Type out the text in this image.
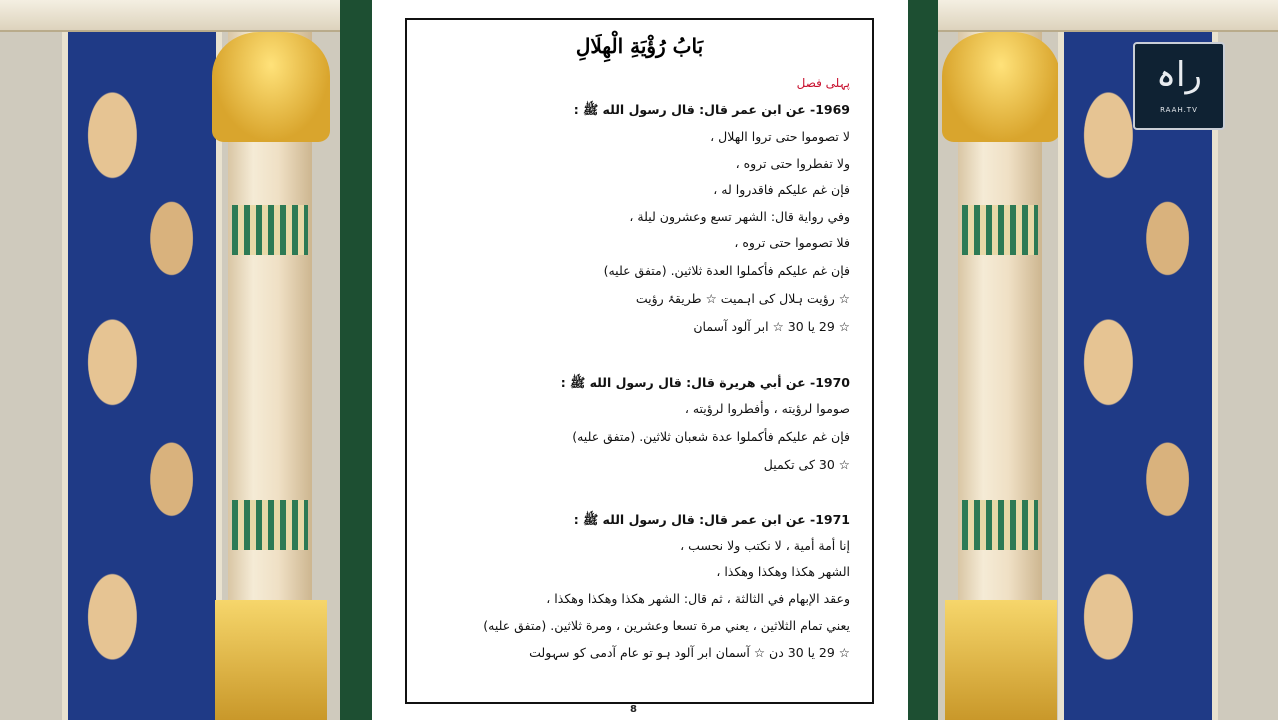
راہ
RAAH.TV
بَابُ رُؤْيَةِ الْهِلَالِ
پہلی فصل
1969- عن ابن عمر قال: قال رسول الله ﷺ :
لا تصوموا حتى تروا الهلال ،
ولا تفطروا حتى تروه ،
فإن غم عليكم فاقدروا له ،
وفي رواية قال: الشهر تسع وعشرون ليلة ،
فلا تصوموا حتى تروه ،
فإن غم عليكم فأكملوا العدة ثلاثين. (متفق عليه)
☆ رؤیت ہلال کی اہمیت ☆ طریقۂ رؤیت
☆ 29 یا 30 ☆ ابر آلود آسمان
1970- عن أبي هريرة قال: قال رسول الله ﷺ :
صوموا لرؤيته ، وأفطروا لرؤيته ،
فإن غم عليكم فأكملوا عدة شعبان ثلاثين. (متفق عليه)
☆ 30 کی تکمیل
1971- عن ابن عمر قال: قال رسول الله ﷺ :
إنا أمة أمية ، لا نكتب ولا نحسب ،
الشهر هكذا وهكذا وهكذا ،
وعقد الإبهام في الثالثة ، ثم قال: الشهر هكذا وهكذا وهكذا ،
يعني تمام الثلاثين ، يعني مرة تسعا وعشرين ، ومرة ثلاثين. (متفق عليه)
☆ 29 یا 30 دن ☆ آسمان ابر آلود ہو تو عام آدمی کو سہولت
8
